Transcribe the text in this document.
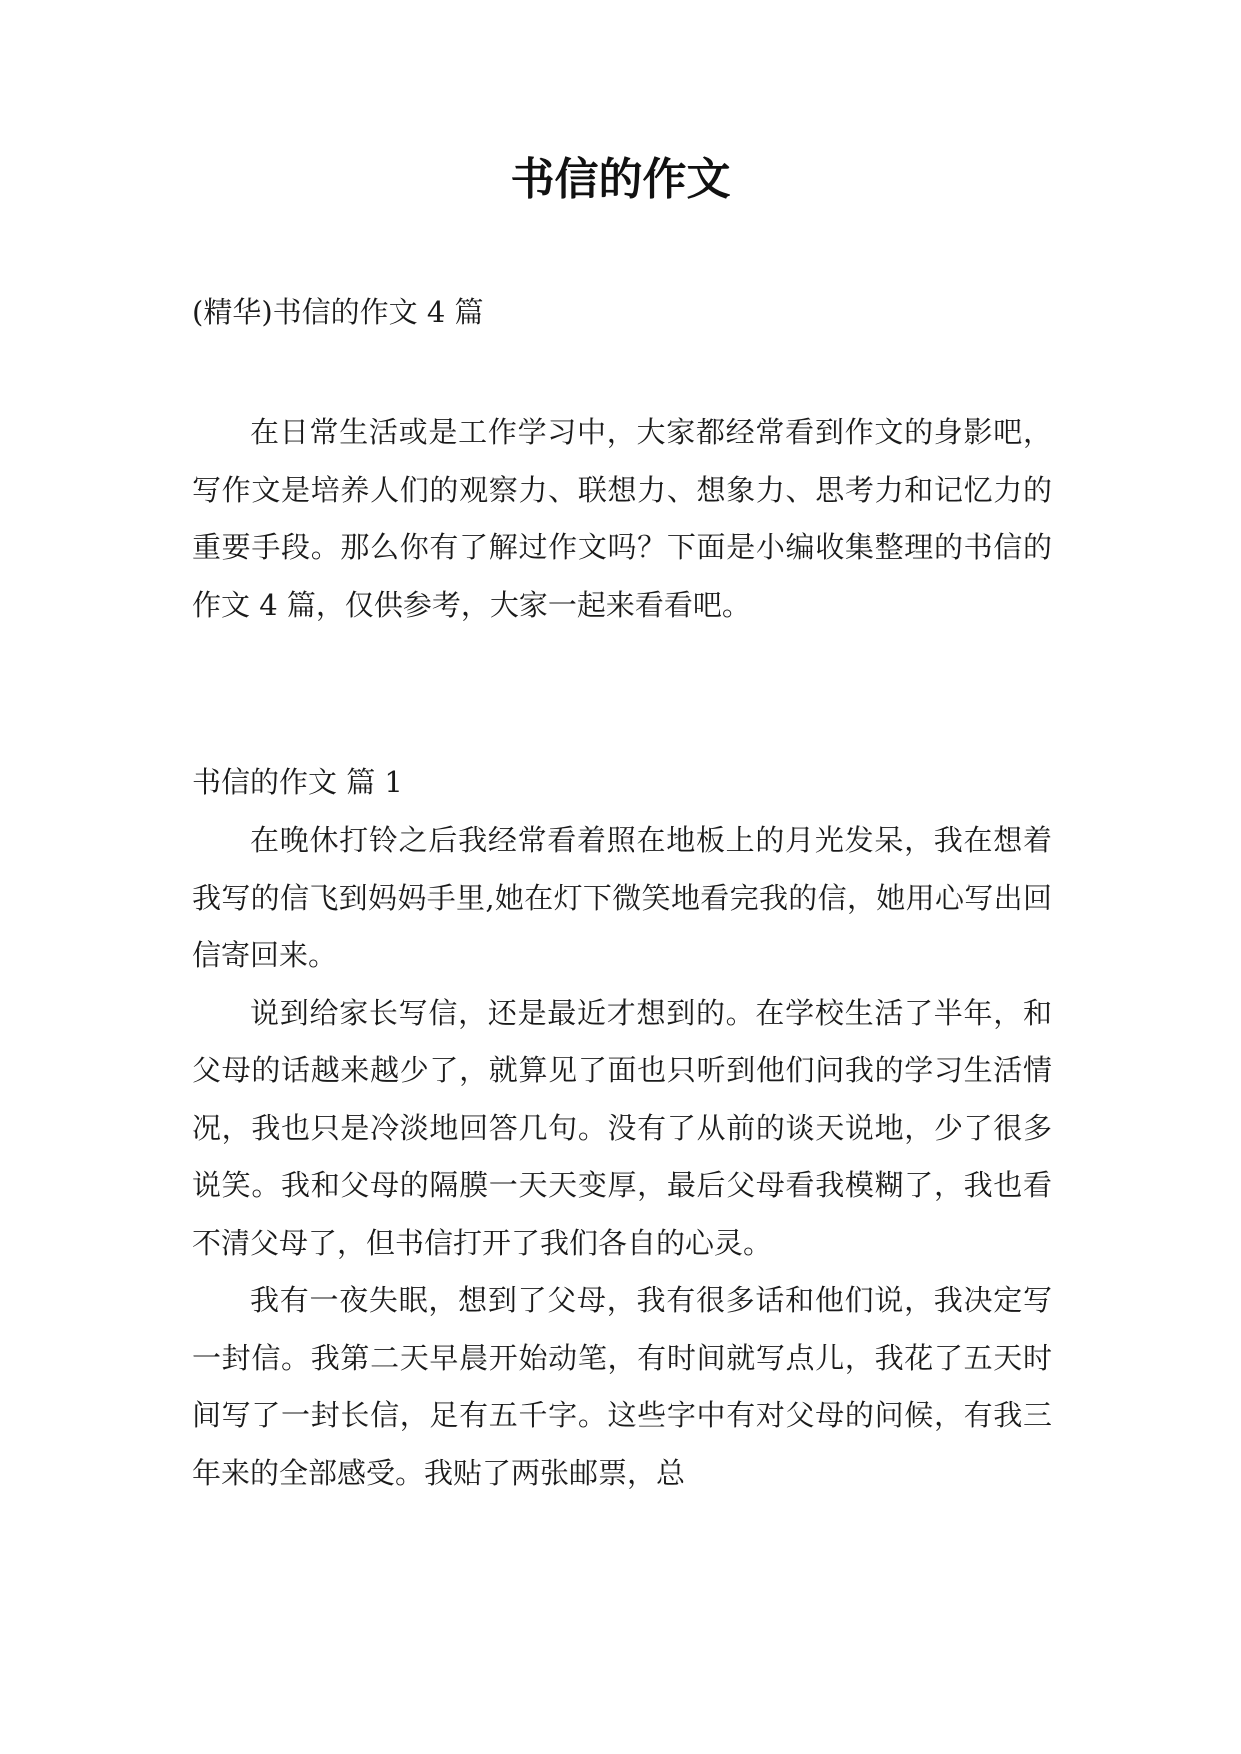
书信的作文

(精华)书信的作文 4 篇

在日常生活或是工作学习中，大家都经常看到作文的身影吧，写作文是培养人们的观察力、联想力、想象力、思考力和记忆力的重要手段。那么你有了解过作文吗？下面是小编收集整理的书信的作文 4 篇，仅供参考，大家一起来看看吧。

书信的作文 篇 1

在晚休打铃之后我经常看着照在地板上的月光发呆，我在想着我写的信飞到妈妈手里,她在灯下微笑地看完我的信，她用心写出回信寄回来。

说到给家长写信，还是最近才想到的。在学校生活了半年，和父母的话越来越少了，就算见了面也只听到他们问我的学习生活情况，我也只是冷淡地回答几句。没有了从前的谈天说地，少了很多说笑。我和父母的隔膜一天天变厚，最后父母看我模糊了，我也看不清父母了，但书信打开了我们各自的心灵。

我有一夜失眠，想到了父母，我有很多话和他们说，我决定写一封信。我第二天早晨开始动笔，有时间就写点儿，我花了五天时间写了一封长信，足有五千字。这些字中有对父母的问候，有我三年来的全部感受。我贴了两张邮票，总
